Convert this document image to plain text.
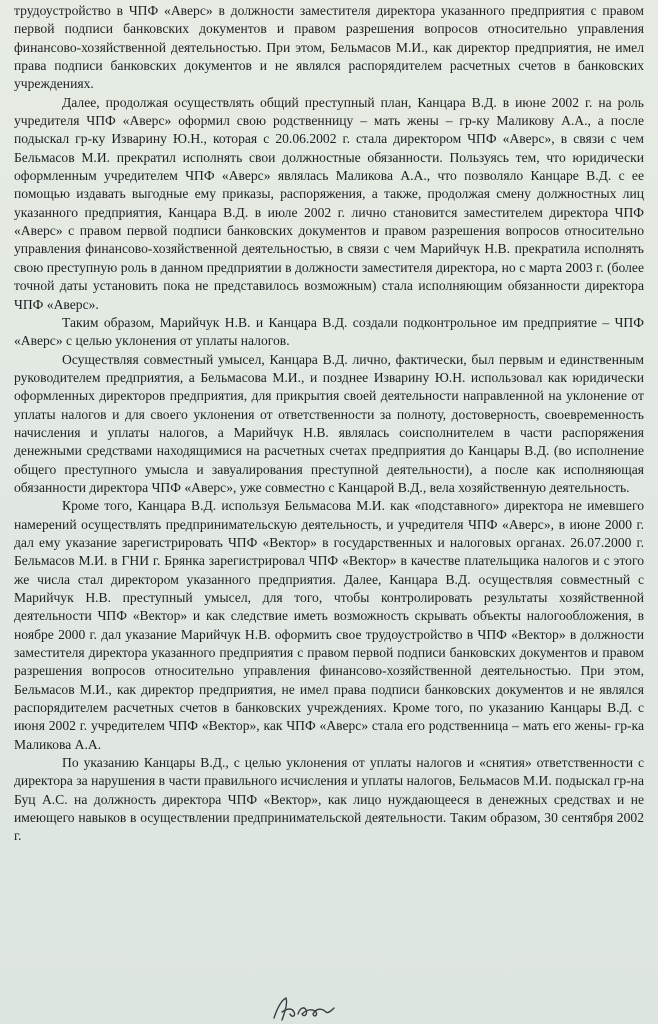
трудоустройство в ЧПФ «Аверс» в должности заместителя директора указанного предприятия с правом первой подписи банковских документов и правом разрешения вопросов относительно управления финансово-хозяйственной деятельностью. При этом, Бельмасов М.И., как директор предприятия, не имел права подписи банковских документов и не являлся распорядителем расчетных счетов в банковских учреждениях.

Далее, продолжая осуществлять общий преступный план, Канцара В.Д. в июне 2002 г. на роль учредителя ЧПФ «Аверс» оформил свою родственницу – мать жены – гр-ку Маликову А.А., а после подыскал гр-ку Изварину Ю.Н., которая с 20.06.2002 г. стала директором ЧПФ «Аверс», в связи с чем Бельмасов М.И. прекратил исполнять свои должностные обязанности. Пользуясь тем, что юридически оформленным учредителем ЧПФ «Аверс» являлась Маликова А.А., что позволяло Канцаре В.Д. с ее помощью издавать выгодные ему приказы, распоряжения, а также, продолжая смену должностных лиц указанного предприятия, Канцара В.Д. в июле 2002 г. лично становится заместителем директора ЧПФ «Аверс» с правом первой подписи банковских документов и правом разрешения вопросов относительно управления финансово-хозяйственной деятельностью, в связи с чем Марийчук Н.В. прекратила исполнять свою преступную роль в данном предприятии в должности заместителя директора, но с марта 2003 г. (более точной даты установить пока не представилось возможным) стала исполняющим обязанности директора ЧПФ «Аверс».

Таким образом, Марийчук Н.В. и Канцара В.Д. создали подконтрольное им предприятие – ЧПФ «Аверс» с целью уклонения от уплаты налогов.

Осуществляя совместный умысел, Канцара В.Д. лично, фактически, был первым и единственным руководителем предприятия, а Бельмасова М.И., и позднее Изварину Ю.Н. использовал как юридически оформленных директоров предприятия, для прикрытия своей деятельности направленной на уклонение от уплаты налогов и для своего уклонения от ответственности за полноту, достоверность, своевременность начисления и уплаты налогов, а Марийчук Н.В. являлась соисполнителем в части распоряжения денежными средствами находящимися на расчетных счетах предприятия до Канцары В.Д. (во исполнение общего преступного умысла и завуалирования преступной деятельности), а после как исполняющая обязанности директора ЧПФ «Аверс», уже совместно с Канцарой В.Д., вела хозяйственную деятельность.

Кроме того, Канцара В.Д. используя Бельмасова М.И. как «подставного» директора не имевшего намерений осуществлять предпринимательскую деятельность, и учредителя ЧПФ «Аверс», в июне 2000 г. дал ему указание зарегистрировать ЧПФ «Вектор» в государственных и налоговых органах. 26.07.2000 г. Бельмасов М.И. в ГНИ г. Брянка зарегистрировал ЧПФ «Вектор» в качестве плательщика налогов и с этого же числа стал директором указанного предприятия. Далее, Канцара В.Д. осуществляя совместный с Марийчук Н.В. преступный умысел, для того, чтобы контролировать результаты хозяйственной деятельности ЧПФ «Вектор» и как следствие иметь возможность скрывать объекты налогообложения, в ноябре 2000 г. дал указание Марийчук Н.В. оформить свое трудоустройство в ЧПФ «Вектор» в должности заместителя директора указанного предприятия с правом первой подписи банковских документов и правом разрешения вопросов относительно управления финансово-хозяйственной деятельностью. При этом, Бельмасов М.И., как директор предприятия, не имел права подписи банковских документов и не являлся распорядителем расчетных счетов в банковских учреждениях. Кроме того, по указанию Канцары В.Д. с июня 2002 г. учредителем ЧПФ «Вектор», как ЧПФ «Аверс» стала его родственница – мать его жены- гр-ка Маликова А.А.

По указанию Канцары В.Д., с целью уклонения от уплаты налогов и «снятия» ответственности с директора за нарушения в части правильного исчисления и уплаты налогов, Бельмасов М.И. подыскал гр-на Буц А.С. на должность директора ЧПФ «Вектор», как лицо нуждающееся в денежных средствах и не имеющего навыков в осуществлении предпринимательской деятельности. Таким образом, 30 сентября 2002 г.
